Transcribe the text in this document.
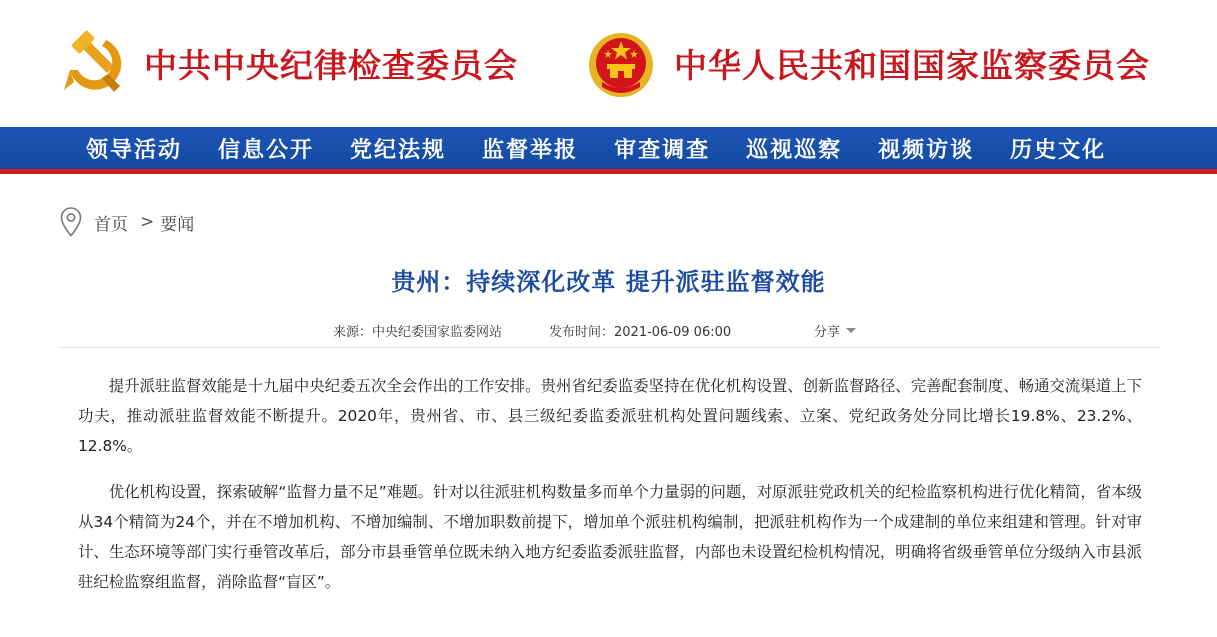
中共中央纪律检查委员会	中华人民共和国国家监察委员会
领导活动 信息公开 党纪法规 监督举报 审查调查 巡视巡察 视频访谈 历史文化
首页 > 要闻
贵州：持续深化改革 提升派驻监督效能
来源：中央纪委国家监委网站	发布时间：2021-06-09 06:00	分享

提升派驻监督效能是十九届中央纪委五次全会作出的工作安排。贵州省纪委监委坚持在优化机构设置、创新监督路径、完善配套制度、畅通交流渠道上下功夫，推动派驻监督效能不断提升。2020年，贵州省、市、县三级纪委监委派驻机构处置问题线索、立案、党纪政务处分同比增长19.8%、23.2%、12.8%。

优化机构设置，探索破解“监督力量不足”难题。针对以往派驻机构数量多而单个力量弱的问题，对原派驻党政机关的纪检监察机构进行优化精简，省本级从34个精简为24个，并在不增加机构、不增加编制、不增加职数前提下，增加单个派驻机构编制，把派驻机构作为一个成建制的单位来组建和管理。针对审计、生态环境等部门实行垂管改革后，部分市县垂管单位既未纳入地方纪委监委派驻监督，内部也未设置纪检机构情况，明确将省级垂管单位分级纳入市县派驻纪检监察组监督，消除监督“盲区”。
